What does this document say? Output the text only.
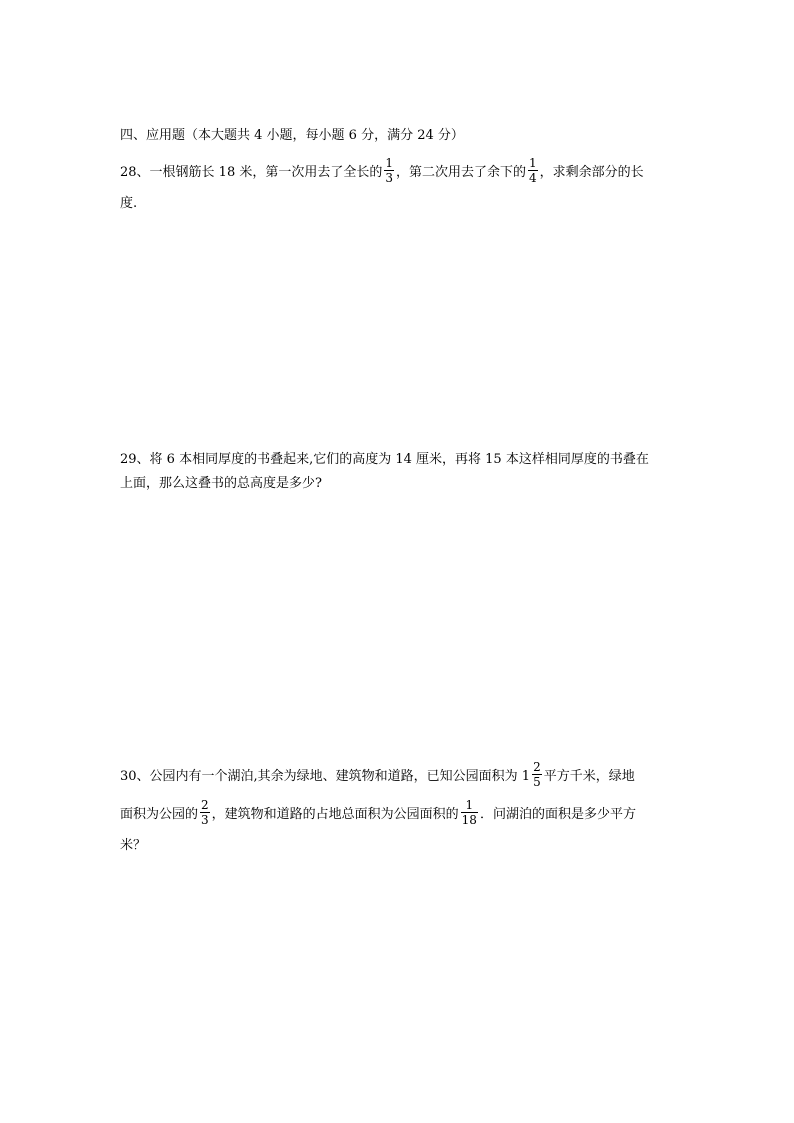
四、应用题（本大题共 4 小题，每小题 6 分，满分 24 分）
28、一根钢筋长 18 米，第一次用去了全长的 $\frac{1}{3}$ ，第二次用去了余下的 $\frac{1}{4}$ ，求剩余部分的长
度.
29、将 6 本相同厚度的书叠起来,它们的高度为 14 厘米，再将 15 本这样相同厚度的书叠在
上面，那么这叠书的总高度是多少?
30、公园内有一个湖泊,其余为绿地、建筑物和道路，已知公园面积为 $1 \frac{2}{5}$ 平方千米，绿地
面积为公园的 $\frac{2}{3}$ ，建筑物和道路的占地总面积为公园面积的 $\frac{1}{18}$ ．问湖泊的面积是多少平方
米？
